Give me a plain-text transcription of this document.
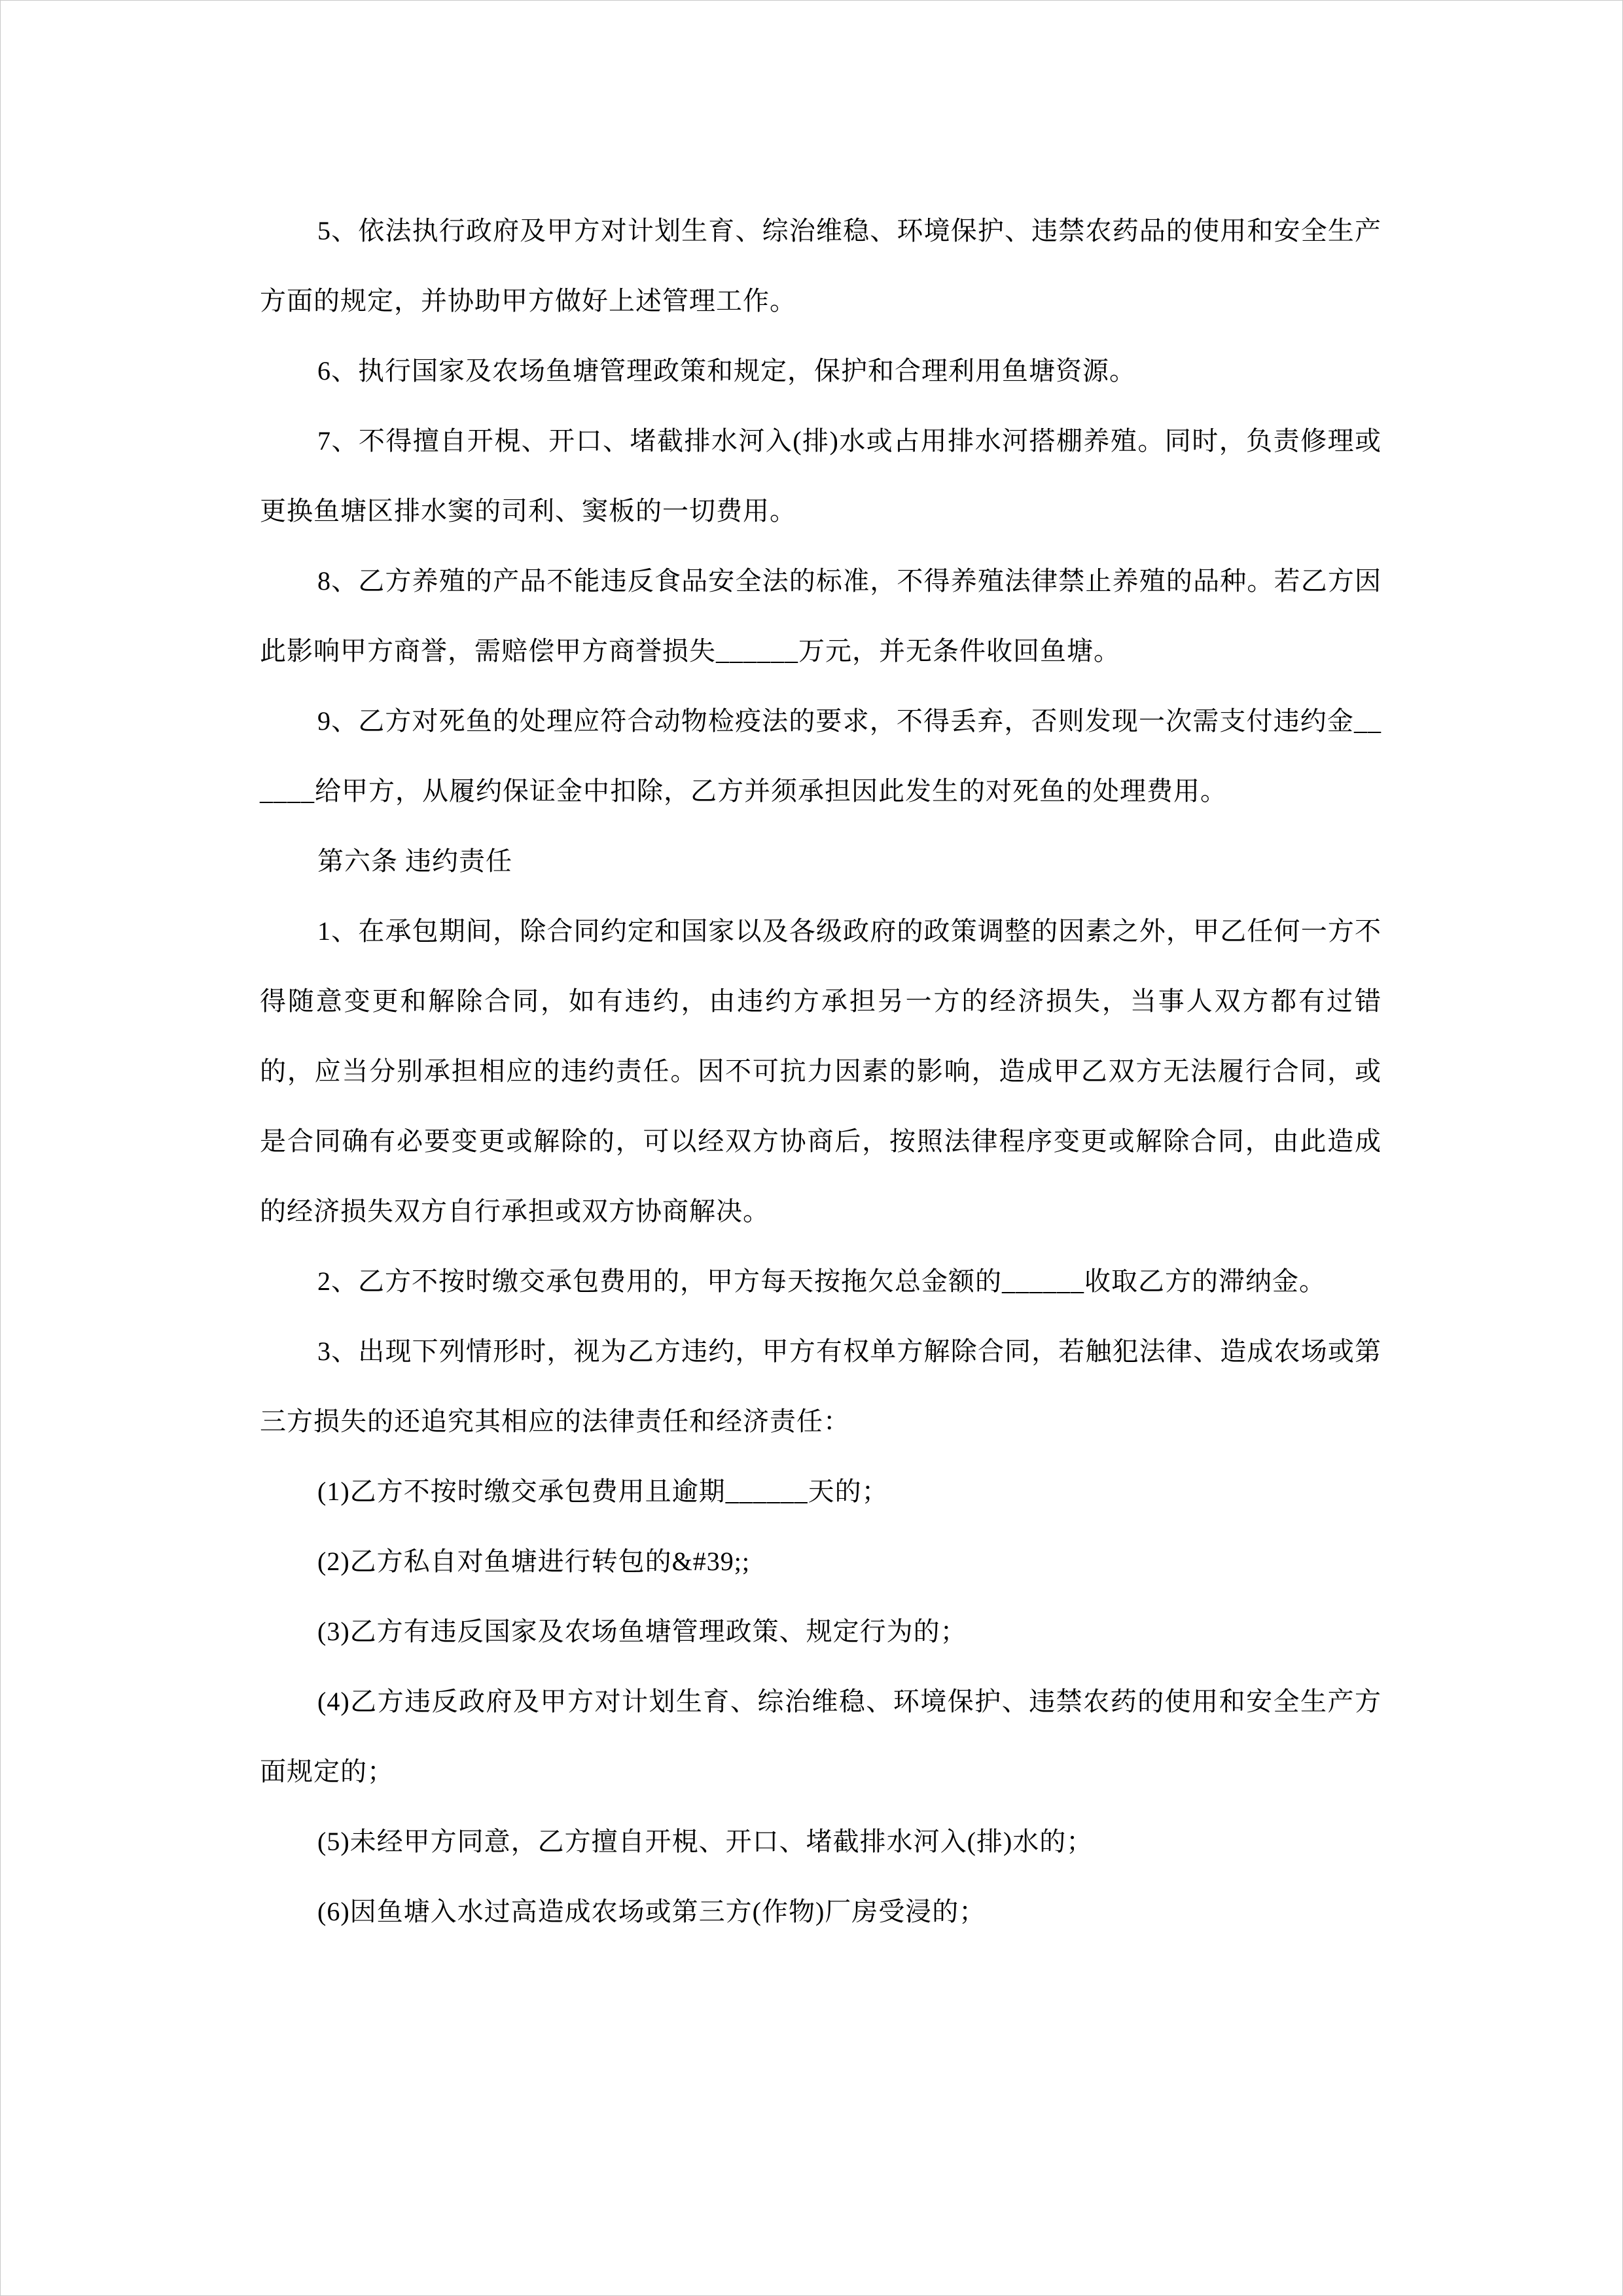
5、依法执行政府及甲方对计划生育、综治维稳、环境保护、违禁农药品的使用和安全生产方面的规定，并协助甲方做好上述管理工作。

6、执行国家及农场鱼塘管理政策和规定，保护和合理利用鱼塘资源。

7、不得擅自开梘、开口、堵截排水河入(排)水或占用排水河搭棚养殖。同时，负责修理或更换鱼塘区排水窦的司利、窦板的一切费用。

8、乙方养殖的产品不能违反食品安全法的标准，不得养殖法律禁止养殖的品种。若乙方因此影响甲方商誉，需赔偿甲方商誉损失______万元，并无条件收回鱼塘。

9、乙方对死鱼的处理应符合动物检疫法的要求，不得丢弃，否则发现一次需支付违约金______给甲方，从履约保证金中扣除，乙方并须承担因此发生的对死鱼的处理费用。

第六条 违约责任

1、在承包期间，除合同约定和国家以及各级政府的政策调整的因素之外，甲乙任何一方不得随意变更和解除合同，如有违约，由违约方承担另一方的经济损失，当事人双方都有过错的，应当分别承担相应的违约责任。因不可抗力因素的影响，造成甲乙双方无法履行合同，或是合同确有必要变更或解除的，可以经双方协商后，按照法律程序变更或解除合同，由此造成的经济损失双方自行承担或双方协商解决。

2、乙方不按时缴交承包费用的，甲方每天按拖欠总金额的______收取乙方的滞纳金。

3、出现下列情形时，视为乙方违约，甲方有权单方解除合同，若触犯法律、造成农场或第三方损失的还追究其相应的法律责任和经济责任：

(1)乙方不按时缴交承包费用且逾期______天的；

(2)乙方私自对鱼塘进行转包的&#39;;

(3)乙方有违反国家及农场鱼塘管理政策、规定行为的；

(4)乙方违反政府及甲方对计划生育、综治维稳、环境保护、违禁农药的使用和安全生产方面规定的；

(5)未经甲方同意，乙方擅自开梘、开口、堵截排水河入(排)水的；

(6)因鱼塘入水过高造成农场或第三方(作物)厂房受浸的；
